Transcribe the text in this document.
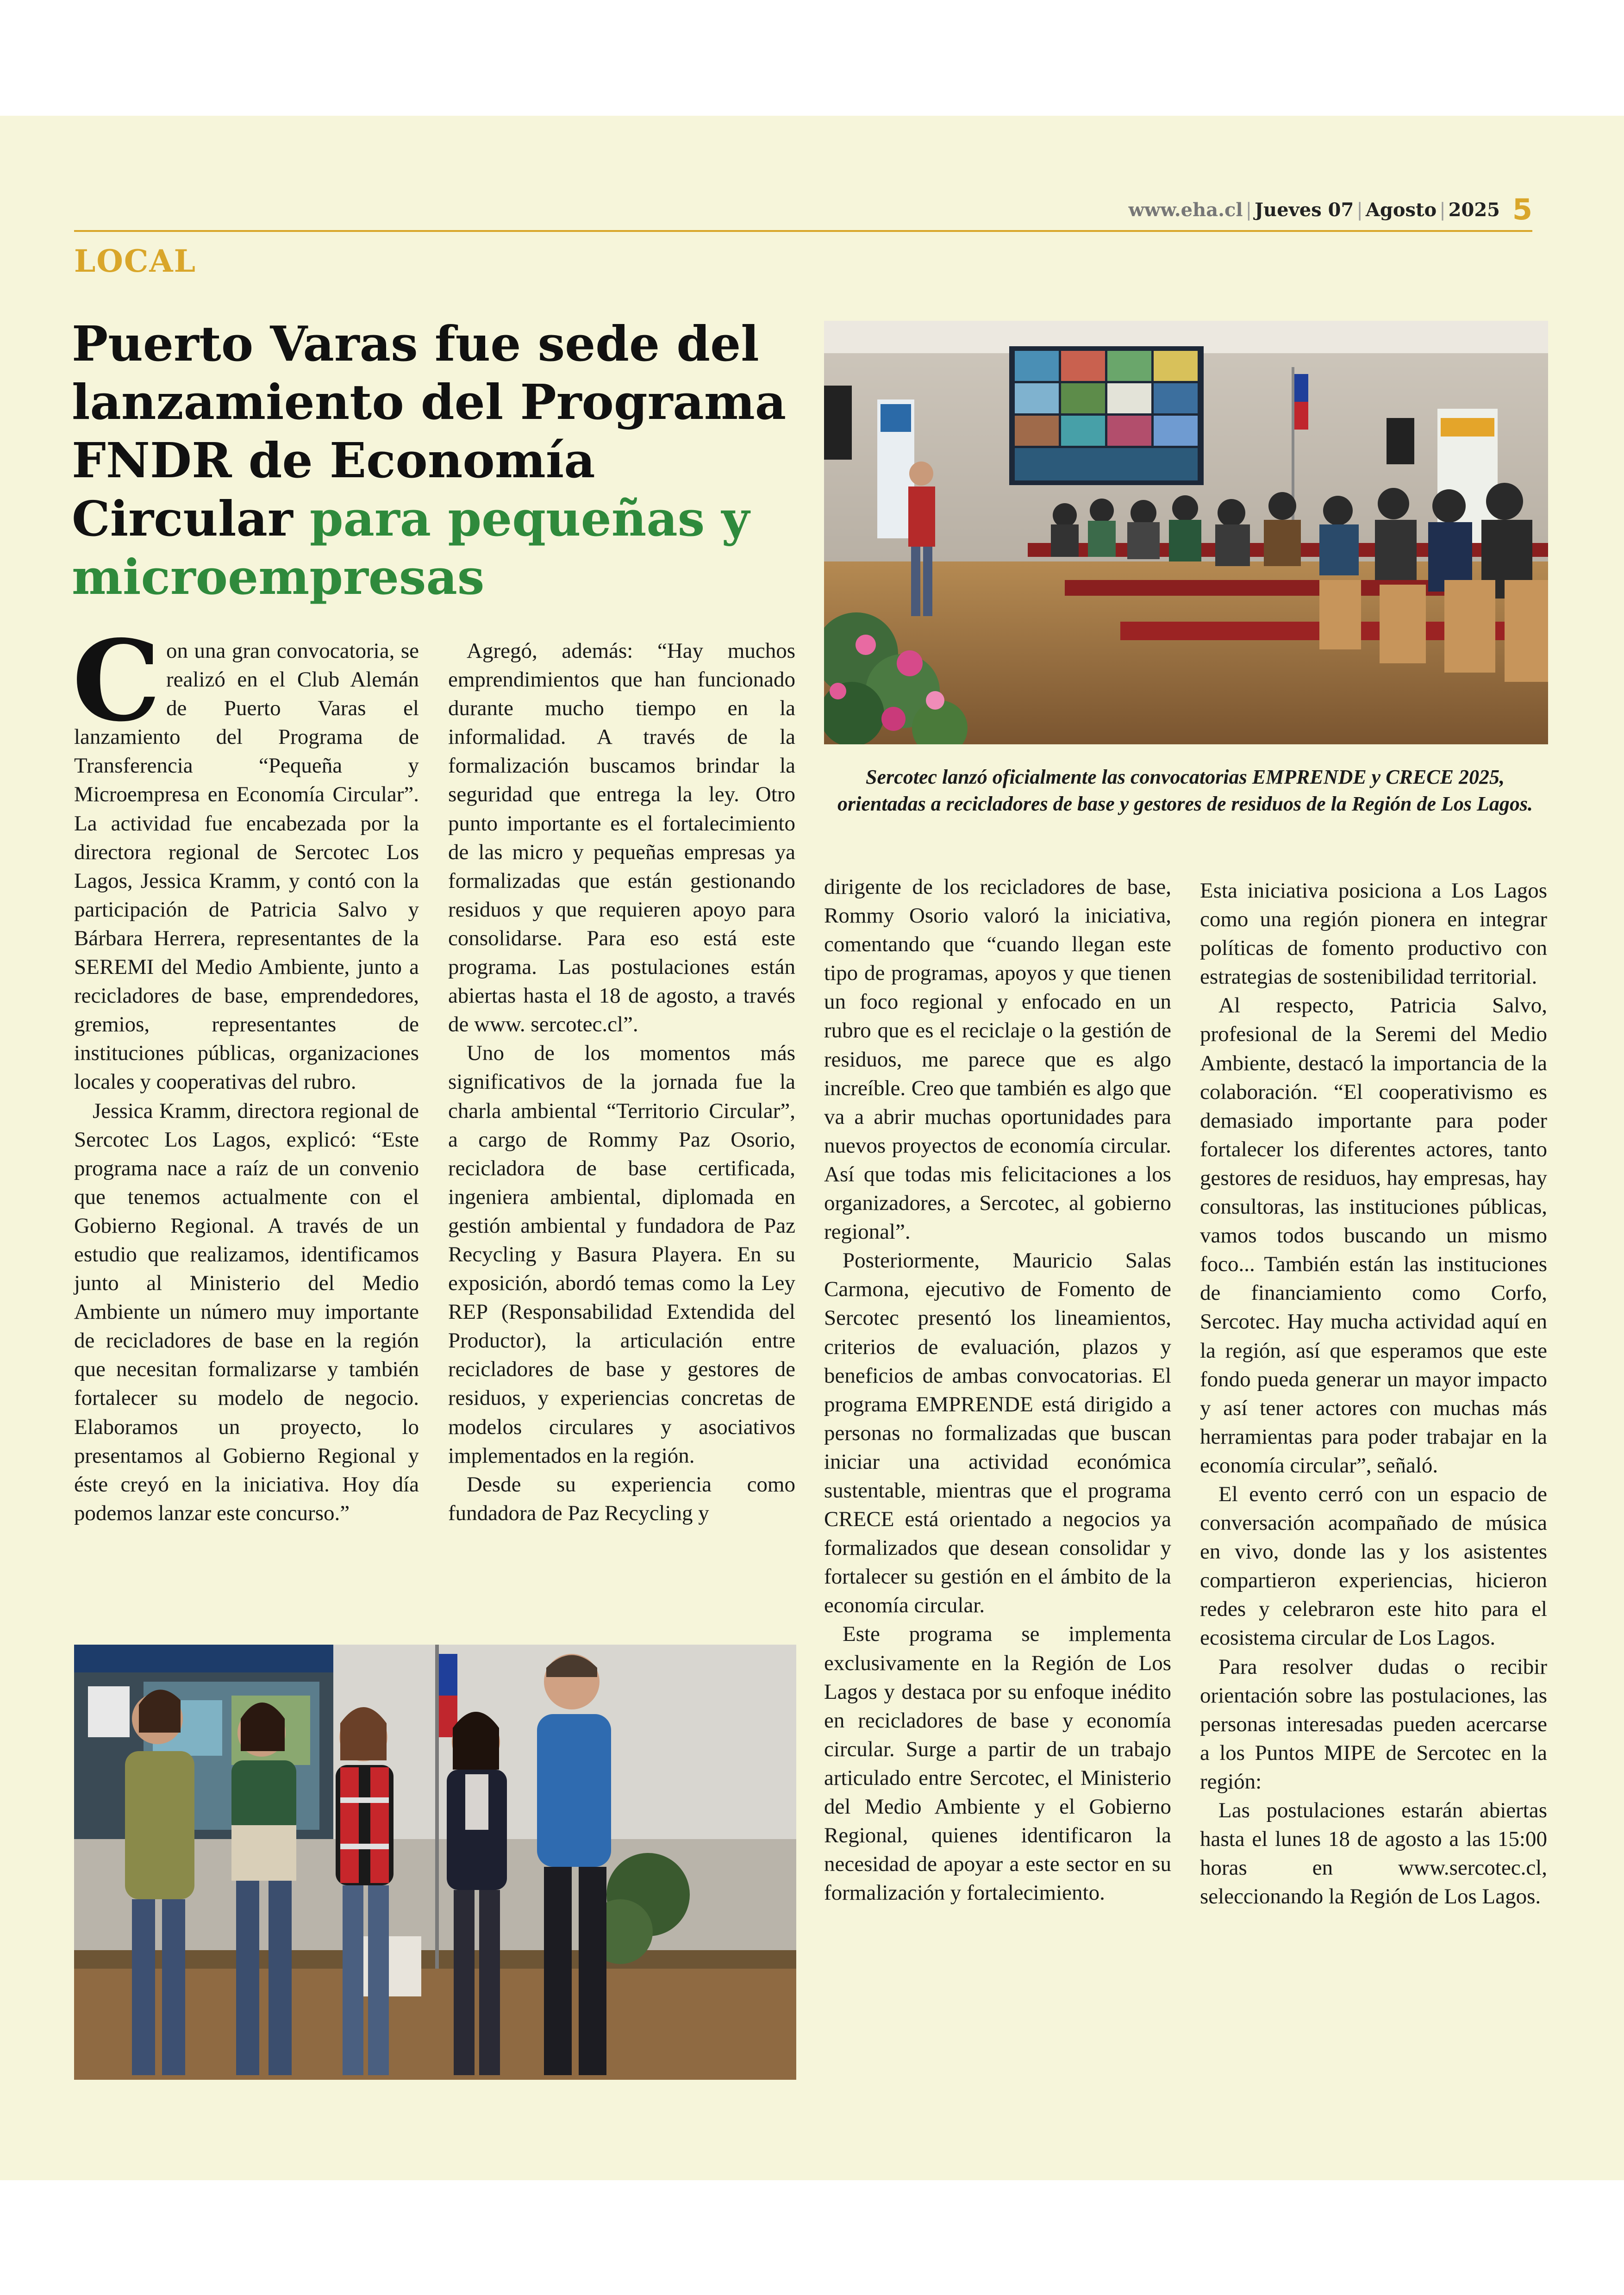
www.eha.cl | Jueves 07 | Agosto | 2025 5
LOCAL
Puerto Varas fue sede del lanzamiento del Programa FNDR de Economía Circular para pequeñas y microempresas
Sercotec lanzó oficialmente las convocatorias EMPRENDE y CRECE 2025, orientadas a recicladores de base y gestores de residuos de la Región de Los Lagos.
C on una gran convocatoria, se realizó en el Club Alemán de Puerto Varas el lanzamiento del Programa de Transferencia “Pequeña y Microempresa en Economía Circular”. La actividad fue encabezada por la directora regional de Sercotec Los Lagos, Jessica Kramm, y contó con la participación de Patricia Salvo y Bárbara Herrera, representantes de la SEREMI del Medio Ambiente, junto a recicladores de base, emprendedores, gremios, representantes de instituciones públicas, organizaciones locales y cooperativas del rubro.

Jessica Kramm, directora regional de Sercotec Los Lagos, explicó: “Este programa nace a raíz de un convenio que tenemos actualmente con el Gobierno Regional. A través de un estudio que realizamos, identificamos junto al Ministerio del Medio Ambiente un número muy importante de recicladores de base en la región que necesitan formalizarse y también fortalecer su modelo de negocio. Elaboramos un proyecto, lo presentamos al Gobierno Regional y éste creyó en la iniciativa. Hoy día podemos lanzar este concurso.”

Agregó, además: “Hay muchos emprendimientos que han funcionado durante mucho tiempo en la informalidad. A través de la formalización buscamos brindar la seguridad que entrega la ley. Otro punto importante es el fortalecimiento de las micro y pequeñas empresas ya formalizadas que están gestionando residuos y que requieren apoyo para consolidarse. Para eso está este programa. Las postulaciones están abiertas hasta el 18 de agosto, a través de www. sercotec.cl”.

Uno de los momentos más significativos de la jornada fue la charla ambiental “Territorio Circular”, a cargo de Rommy Paz Osorio, recicladora de base certificada, ingeniera ambiental, diplomada en gestión ambiental y fundadora de Paz Recycling y Basura Playera. En su exposición, abordó temas como la Ley REP (Responsabilidad Extendida del Productor), la articulación entre recicladores de base y gestores de residuos, y experiencias concretas de modelos circulares y asociativos implementados en la región.

Desde su experiencia como fundadora de Paz Recycling y

dirigente de los recicladores de base, Rommy Osorio valoró la iniciativa, comentando que “cuando llegan este tipo de programas, apoyos y que tienen un foco regional y enfocado en un rubro que es el reciclaje o la gestión de residuos, me parece que es algo increíble. Creo que también es algo que va a abrir muchas oportunidades para nuevos proyectos de economía circular. Así que todas mis felicitaciones a los organizadores, a Sercotec, al gobierno regional”.

Posteriormente, Mauricio Salas Carmona, ejecutivo de Fomento de Sercotec presentó los lineamientos, criterios de evaluación, plazos y beneficios de ambas convocatorias. El programa EMPRENDE está dirigido a personas no formalizadas que buscan iniciar una actividad económica sustentable, mientras que el programa CRECE está orientado a negocios ya formalizados que desean consolidar y fortalecer su gestión en el ámbito de la economía circular.

Este programa se implementa exclusivamente en la Región de Los Lagos y destaca por su enfoque inédito en recicladores de base y economía circular. Surge a partir de un trabajo articulado entre Sercotec, el Ministerio del Medio Ambiente y el Gobierno Regional, quienes identificaron la necesidad de apoyar a este sector en su formalización y fortalecimiento.

Esta iniciativa posiciona a Los Lagos como una región pionera en integrar políticas de fomento productivo con estrategias de sostenibilidad territorial.

Al respecto, Patricia Salvo, profesional de la Seremi del Medio Ambiente, destacó la importancia de la colaboración. “El cooperativismo es demasiado importante para poder fortalecer los diferentes actores, tanto gestores de residuos, hay empresas, hay consultoras, las instituciones públicas, vamos todos buscando un mismo foco... También están las instituciones de financiamiento como Corfo, Sercotec. Hay mucha actividad aquí en la región, así que esperamos que este fondo pueda generar un mayor impacto y así tener actores con muchas más herramientas para poder trabajar en la economía circular”, señaló.

El evento cerró con un espacio de conversación acompañado de música en vivo, donde las y los asistentes compartieron experiencias, hicieron redes y celebraron este hito para el ecosistema circular de Los Lagos.

Para resolver dudas o recibir orientación sobre las postulaciones, las personas interesadas pueden acercarse a los Puntos MIPE de Sercotec en la región:

Las postulaciones estarán abiertas hasta el lunes 18 de agosto a las 15:00 horas en www.sercotec.cl, seleccionando la Región de Los Lagos.
